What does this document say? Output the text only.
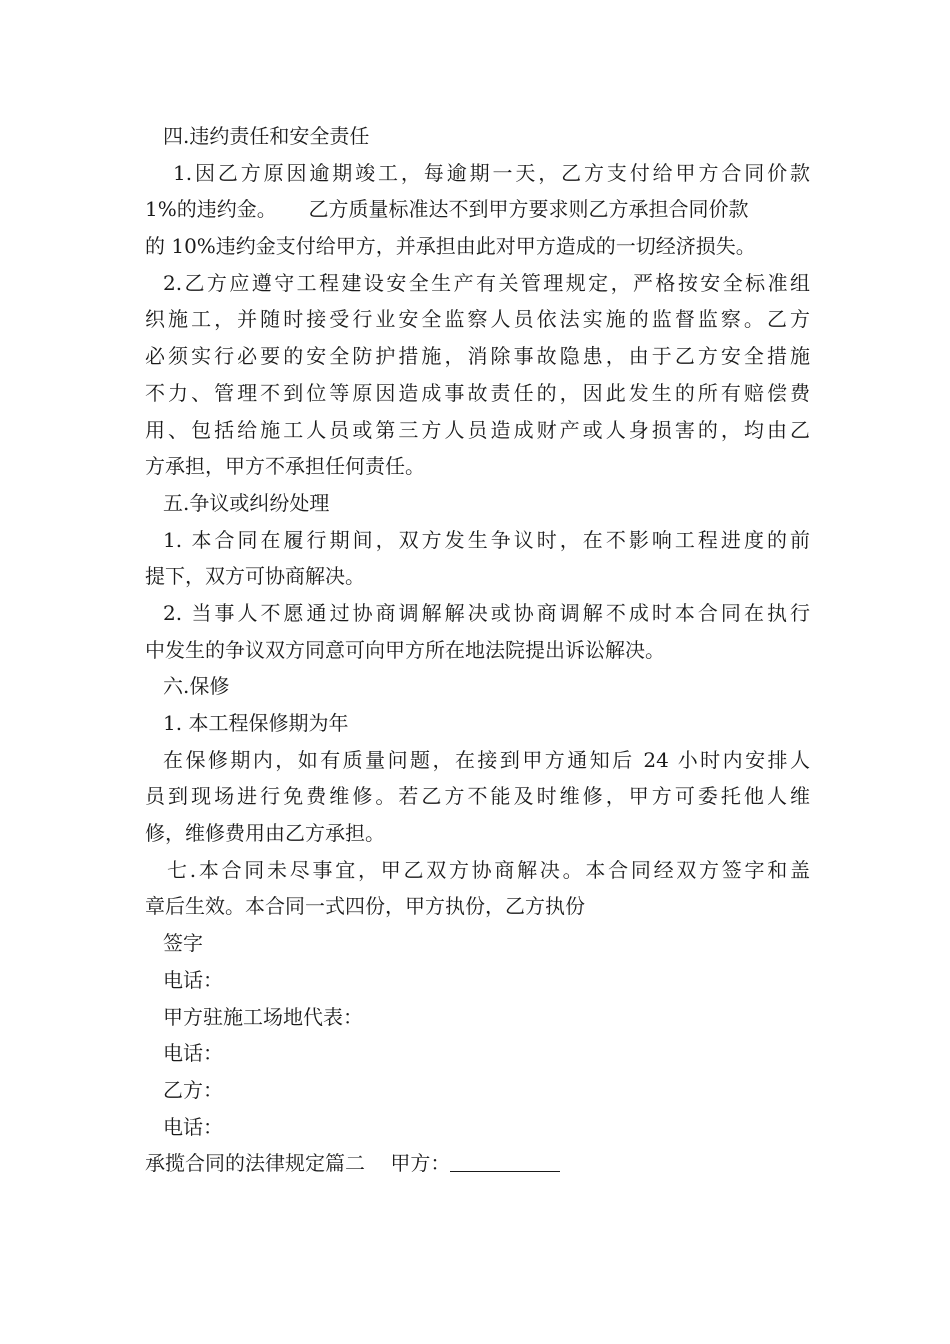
四.违约责任和安全责任
1.因乙方原因逾期竣工，每逾期一天，乙方支付给甲方合同价款
1%的违约金。     乙方质量标准达不到甲方要求则乙方承担合同价款
的 10%违约金支付给甲方，并承担由此对甲方造成的一切经济损失。
2.乙方应遵守工程建设安全生产有关管理规定，严格按安全标准组
织施工，并随时接受行业安全监察人员依法实施的监督监察。乙方
必须实行必要的安全防护措施，消除事故隐患，由于乙方安全措施
不力、管理不到位等原因造成事故责任的，因此发生的所有赔偿费
用、包括给施工人员或第三方人员造成财产或人身损害的，均由乙
方承担，甲方不承担任何责任。
五.争议或纠纷处理
1. 本合同在履行期间，双方发生争议时，在不影响工程进度的前
提下，双方可协商解决。
2. 当事人不愿通过协商调解解决或协商调解不成时本合同在执行
中发生的争议双方同意可向甲方所在地法院提出诉讼解决。
六.保修
1. 本工程保修期为年
在保修期内，如有质量问题，在接到甲方通知后 24 小时内安排人
员到现场进行免费维修。若乙方不能及时维修，甲方可委托他人维
修，维修费用由乙方承担。
七.本合同未尽事宜，甲乙双方协商解决。本合同经双方签字和盖
章后生效。本合同一式四份，甲方执份，乙方执份
签字
电话：
甲方驻施工场地代表：
电话：
乙方：
电话：
承揽合同的法律规定篇二    甲方：
